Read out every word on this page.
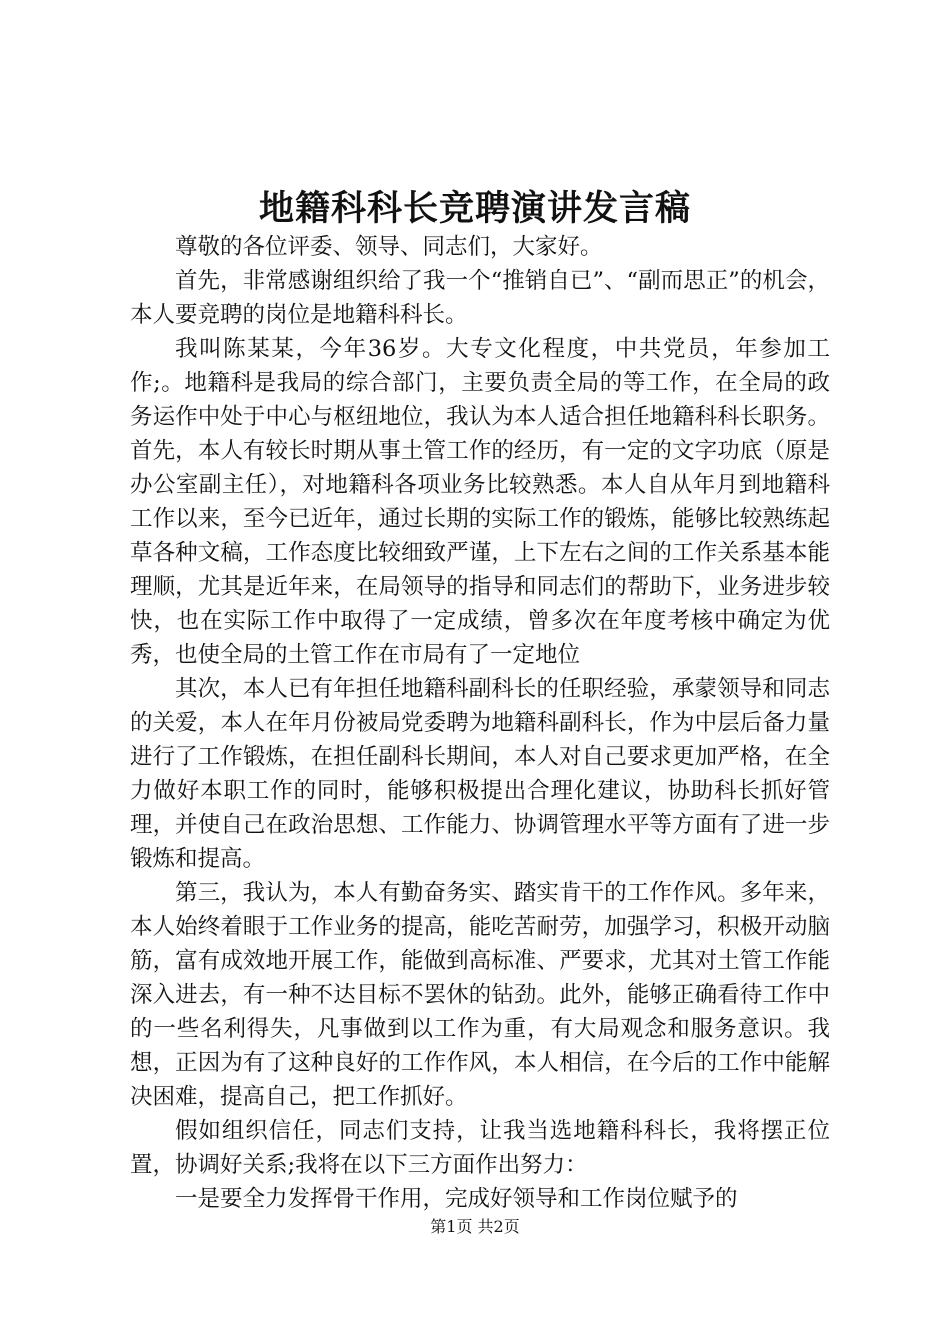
地籍科科长竞聘演讲发言稿

尊敬的各位评委、领导、同志们，大家好。

首先，非常感谢组织给了我一个“推销自已”、“副而思正”的机会，本人要竞聘的岗位是地籍科科长。

我叫陈某某，今年36岁。大专文化程度，中共党员，年参加工作;。地籍科是我局的综合部门，主要负责全局的等工作，在全局的政务运作中处于中心与枢纽地位，我认为本人适合担任地籍科科长职务。首先，本人有较长时期从事土管工作的经历，有一定的文字功底（原是办公室副主任），对地籍科各项业务比较熟悉。本人自从年月到地籍科工作以来，至今已近年，通过长期的实际工作的锻炼，能够比较熟练起草各种文稿，工作态度比较细致严谨，上下左右之间的工作关系基本能理顺，尤其是近年来，在局领导的指导和同志们的帮助下，业务进步较快，也在实际工作中取得了一定成绩，曾多次在年度考核中确定为优秀，也使全局的土管工作在市局有了一定地位

其次，本人已有年担任地籍科副科长的任职经验，承蒙领导和同志的关爱，本人在年月份被局党委聘为地籍科副科长，作为中层后备力量进行了工作锻炼，在担任副科长期间，本人对自己要求更加严格，在全力做好本职工作的同时，能够积极提出合理化建议，协助科长抓好管理，并使自己在政治思想、工作能力、协调管理水平等方面有了进一步锻炼和提高。

第三，我认为，本人有勤奋务实、踏实肯干的工作作风。多年来，本人始终着眼于工作业务的提高，能吃苦耐劳，加强学习，积极开动脑筋，富有成效地开展工作，能做到高标准、严要求，尤其对土管工作能深入进去，有一种不达目标不罢休的钻劲。此外，能够正确看待工作中的一些名利得失，凡事做到以工作为重，有大局观念和服务意识。我想，正因为有了这种良好的工作作风，本人相信，在今后的工作中能解决困难，提高自己，把工作抓好。

假如组织信任，同志们支持，让我当选地籍科科长，我将摆正位置，协调好关系;我将在以下三方面作出努力：

一是要全力发挥骨干作用，完成好领导和工作岗位赋予的

第1页 共2页
